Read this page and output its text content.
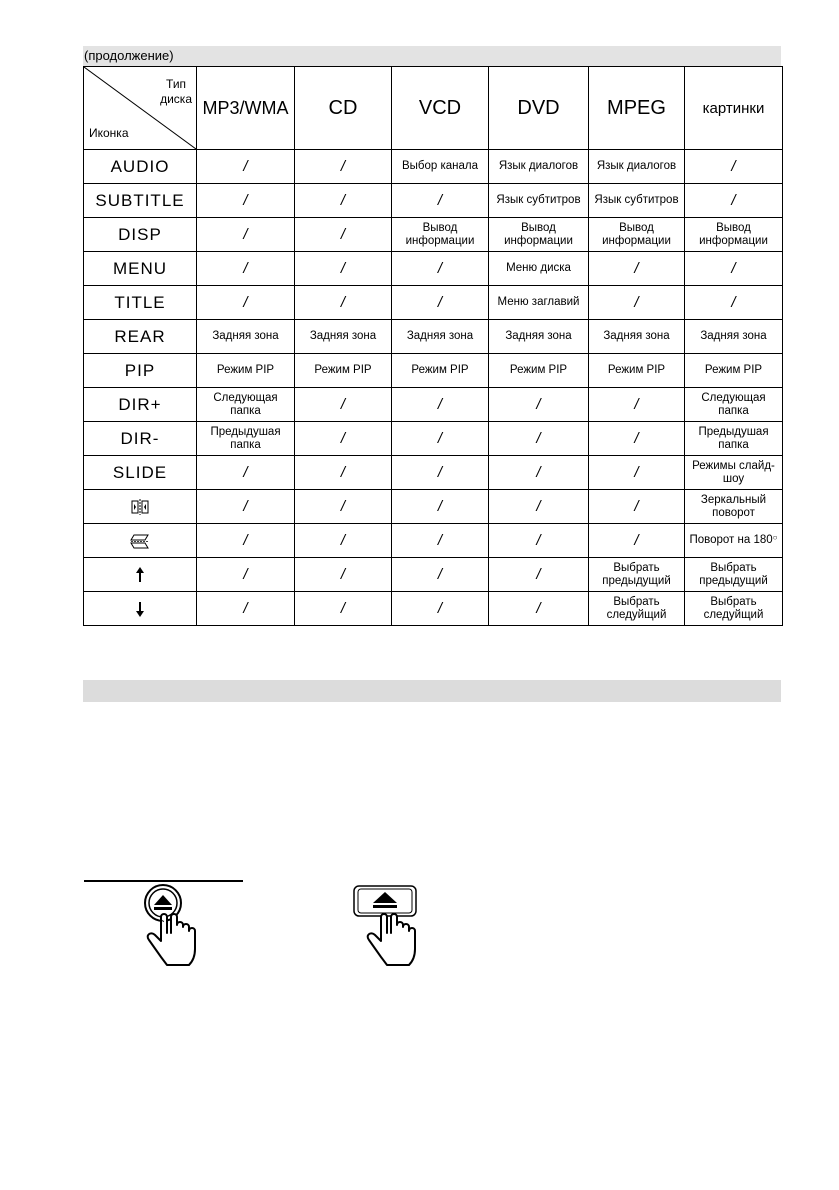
(продолжение)
Тип
диска
Иконка	MP3/WMA	CD	VCD	DVD	MPEG	картинки
AUDIO	/	/	Выбор канала	Язык диалогов	Язык диалогов	/
SUBTITLE	/	/	/	Язык субтитров	Язык субтитров	/
DISP	/	/	Вывод информации	Вывод информации	Вывод информации	Вывод информации
MENU	/	/	/	Меню диска	/	/
TITLE	/	/	/	Меню заглавий	/	/
REAR	Задняя зона	Задняя зона	Задняя зона	Задняя зона	Задняя зона	Задняя зона
PIP	Режим PIP	Режим PIP	Режим PIP	Режим PIP	Режим PIP	Режим PIP
DIR+	Следующая папка	/	/	/	/	Следующая папка
DIR-	Предыдушая папка	/	/	/	/	Предыдушая папка
SLIDE	/	/	/	/	/	Режимы слайд-шоу
	/	/	/	/	/	Зеркальный поворот
	/	/	/	/	/	Поворот на 180○
	/	/	/	/	Выбрать предыдущий	Выбрать предыдущий
	/	/	/	/	Выбрать следуйщий	Выбрать следуйщий
